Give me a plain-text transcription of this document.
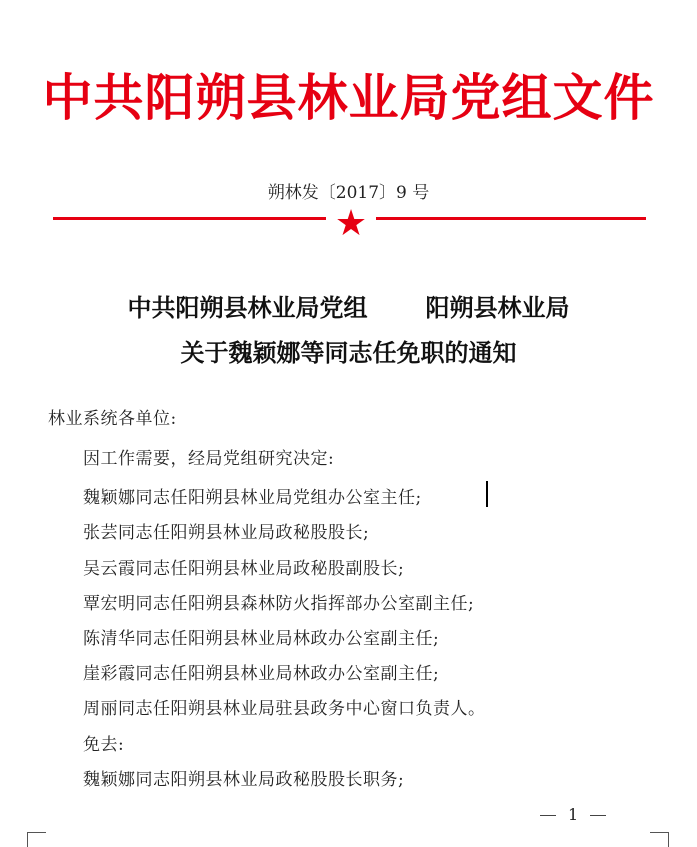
中共阳朔县林业局党组文件
朔林发〔2017〕9 号
★
中共阳朔县林业局党组 阳朔县林业局
关于魏颖娜等同志任免职的通知
林业系统各单位:
因工作需要，经局党组研究决定:
魏颖娜同志任阳朔县林业局党组办公室主任;
张芸同志任阳朔县林业局政秘股股长;
吴云霞同志任阳朔县林业局政秘股副股长;
覃宏明同志任阳朔县森林防火指挥部办公室副主任;
陈清华同志任阳朔县林业局林政办公室副主任;
崖彩霞同志任阳朔县林业局林政办公室副主任;
周丽同志任阳朔县林业局驻县政务中心窗口负责人。
免去:
魏颖娜同志阳朔县林业局政秘股股长职务;
1
